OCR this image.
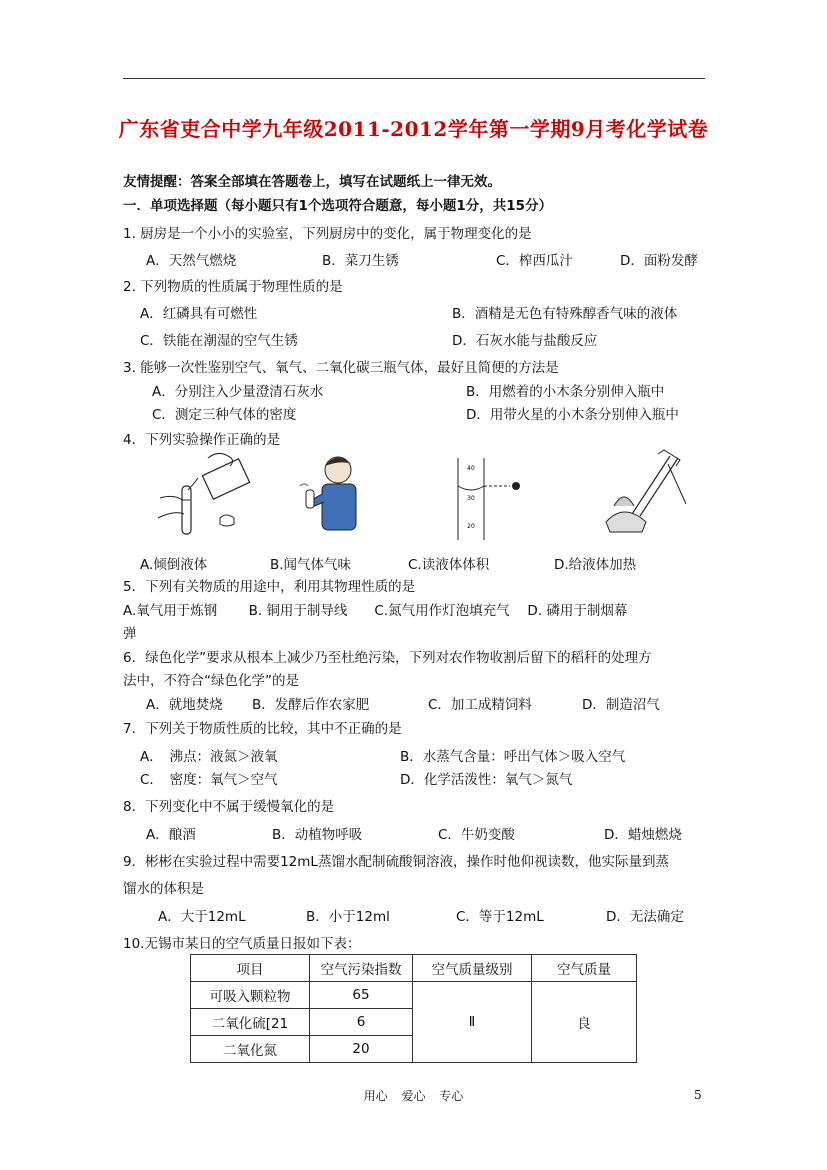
广东省吏合中学九年级2011-2012学年第一学期9月考化学试卷
友情提醒：答案全部填在答题卷上，填写在试题纸上一律无效。
一．单项选择题（每小题只有1个选项符合题意，每小题1分，共15分）
1. 厨房是一个小小的实验室，下列厨房中的变化，属于物理变化的是
A．天然气燃烧	B．菜刀生锈	C．榨西瓜汁	D．面粉发酵
2. 下列物质的性质属于物理性质的是
A．红磷具有可燃性	B．酒精是无色有特殊醇香气味的液体
C．铁能在潮湿的空气生锈	D．石灰水能与盐酸反应
3. 能够一次性鉴别空气、氧气、二氧化碳三瓶气体，最好且简便的方法是
A．分别注入少量澄清石灰水	B．用燃着的小木条分别伸入瓶中
C．测定三种气体的密度	D．用带火星的小木条分别伸入瓶中
4．下列实验操作正确的是
40
30
20
A.倾倒液体	B.闻气体气味	C.读液体体积	D.给液体加热
5．下列有关物质的用途中，利用其物理性质的是
A.氧气用于炼钢　　 B. 铜用于制导线　　C.氮气用作灯泡填充气　 D. 磷用于制烟幕
弹
6．绿色化学”要求从根本上减少乃至杜绝污染，下列对农作物收割后留下的稻秆的处理方
法中，不符合“绿色化学”的是
A．就地焚烧 B．发酵后作农家肥	C．加工成精饲料	D．制造沼气
7．下列关于物质性质的比较，其中不正确的是
A．　沸点：液氮＞液氧	B．水蒸气含量：呼出气体＞吸入空气
C．　密度：氧气＞空气	D．化学活泼性：氧气＞氮气
8．下列变化中不属于缓慢氧化的是
A．酿酒	B．动植物呼吸	C．牛奶变酸	D．蜡烛燃烧
9．彬彬在实验过程中需要12mL蒸馏水配制硫酸铜溶液，操作时他仰视读数，他实际量到蒸
馏水的体积是
A．大于12mL	B．小于12ml	C．等于12mL	D．无法确定
10.无锡市某日的空气质量日报如下表：
项目	空气污染指数	空气质量级别	空气质量
可吸入颗粒物	65	Ⅱ	良
二氧化硫[21	6		
二氧化氮	20		
用心 爱心 专心	5
